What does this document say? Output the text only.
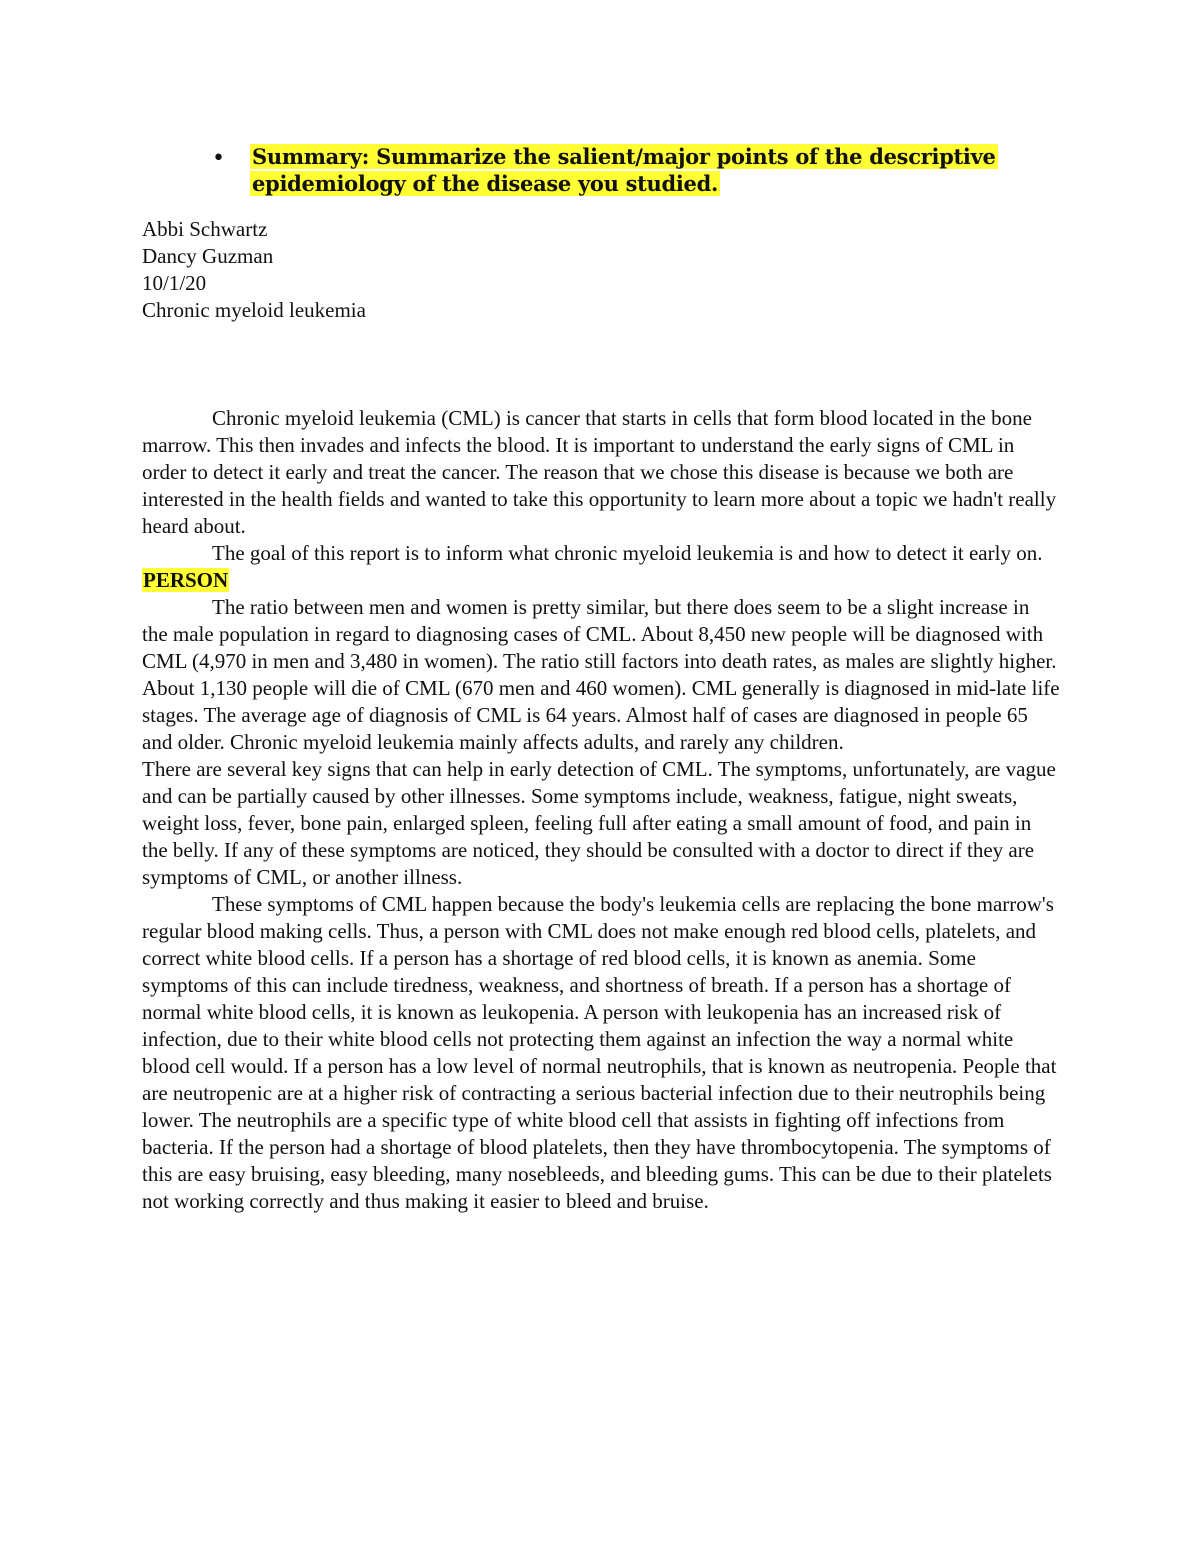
• Summary: Summarize the salient/major points of the descriptive epidemiology of the disease you studied.
Abbi Schwartz
Dancy Guzman
10/1/20
Chronic myeloid leukemia

Chronic myeloid leukemia (CML) is cancer that starts in cells that form blood located in the bone marrow. This then invades and infects the blood. It is important to understand the early signs of CML in order to detect it early and treat the cancer. The reason that we chose this disease is because we both are interested in the health fields and wanted to take this opportunity to learn more about a topic we hadn't really heard about.

The goal of this report is to inform what chronic myeloid leukemia is and how to detect it early on.

PERSON

The ratio between men and women is pretty similar, but there does seem to be a slight increase in the male population in regard to diagnosing cases of CML. About 8,450 new people will be diagnosed with CML (4,970 in men and 3,480 in women). The ratio still factors into death rates, as males are slightly higher. About 1,130 people will die of CML (670 men and 460 women). CML generally is diagnosed in mid-late life stages. The average age of diagnosis of CML is 64 years. Almost half of cases are diagnosed in people 65 and older. Chronic myeloid leukemia mainly affects adults, and rarely any children.

There are several key signs that can help in early detection of CML. The symptoms, unfortunately, are vague and can be partially caused by other illnesses. Some symptoms include, weakness, fatigue, night sweats, weight loss, fever, bone pain, enlarged spleen, feeling full after eating a small amount of food, and pain in the belly. If any of these symptoms are noticed, they should be consulted with a doctor to direct if they are symptoms of CML, or another illness.

These symptoms of CML happen because the body's leukemia cells are replacing the bone marrow's regular blood making cells. Thus, a person with CML does not make enough red blood cells, platelets, and correct white blood cells. If a person has a shortage of red blood cells, it is known as anemia. Some symptoms of this can include tiredness, weakness, and shortness of breath. If a person has a shortage of normal white blood cells, it is known as leukopenia. A person with leukopenia has an increased risk of infection, due to their white blood cells not protecting them against an infection the way a normal white blood cell would. If a person has a low level of normal neutrophils, that is known as neutropenia. People that are neutropenic are at a higher risk of contracting a serious bacterial infection due to their neutrophils being lower. The neutrophils are a specific type of white blood cell that assists in fighting off infections from bacteria. If the person had a shortage of blood platelets, then they have thrombocytopenia. The symptoms of this are easy bruising, easy bleeding, many nosebleeds, and bleeding gums. This can be due to their platelets not working correctly and thus making it easier to bleed and bruise.
